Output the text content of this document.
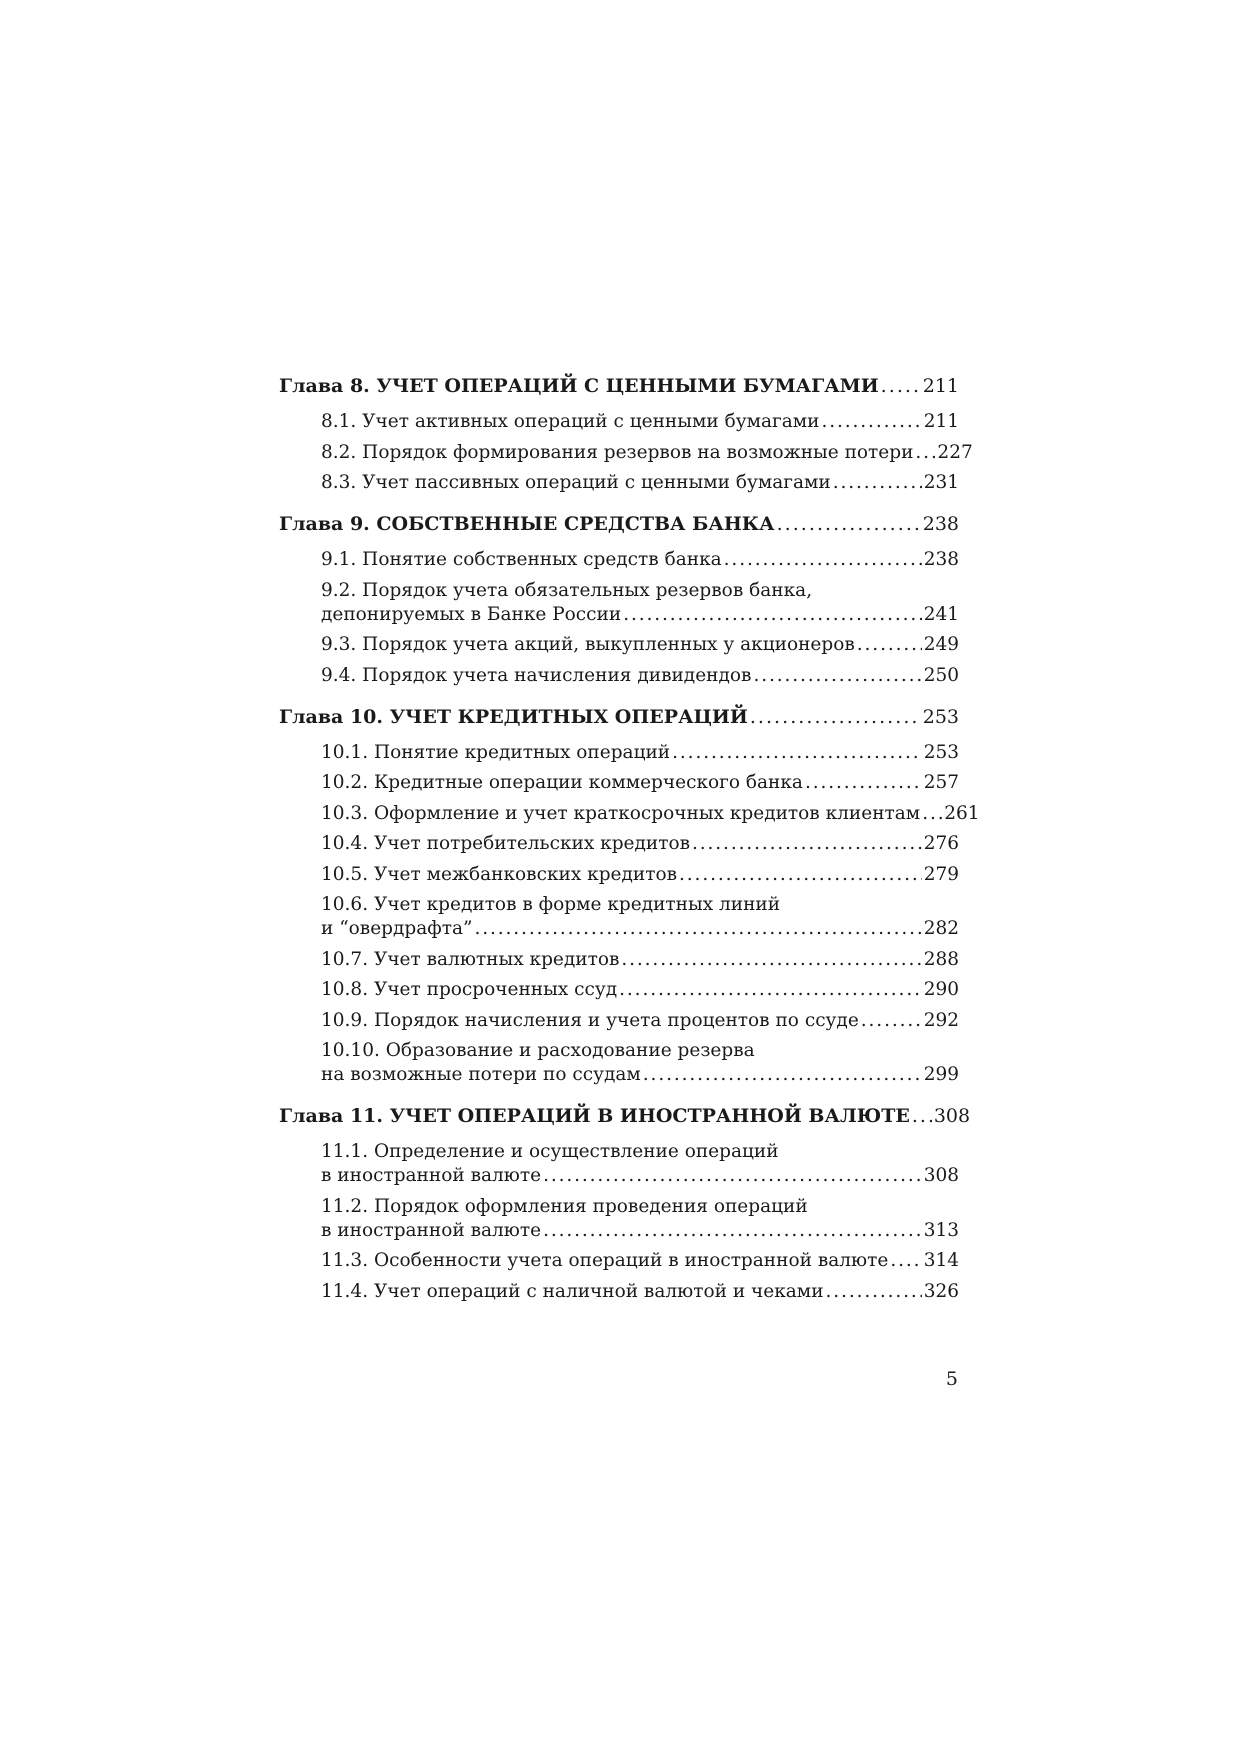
Глава 8. УЧЕТ ОПЕРАЦИЙ С ЦЕННЫМИ БУМАГАМИ . . . 211
8.1. Учет активных операций с ценными бумагами . . .	211
8.2. Порядок формирования резервов на возможные потери . . . 227
8.3. Учет пассивных операций с ценными бумагами . . .	231
Глава 9. СОБСТВЕННЫЕ СРЕДСТВА БАНКА . . .	238
9.1. Понятие собственных средств банка . . .	238
9.2. Порядок учета обязательных резервов банка,
депонируемых в Банке России . . .	241
9.3. Порядок учета акций, выкупленных у акционеров . . .	249
9.4. Порядок учета начисления дивидендов . . .	250
Глава 10. УЧЕТ КРЕДИТНЫХ ОПЕРАЦИЙ . . .	253
10.1. Понятие кредитных операций . . .	253
10.2. Кредитные операции коммерческого банка . . .	257
10.3. Оформление и учет краткосрочных кредитов клиентам . . . 261
10.4. Учет потребительских кредитов . . .	276
10.5. Учет межбанковских кредитов . . .	279
10.6. Учет кредитов в форме кредитных линий
и “овердрафта” . . .	282
10.7. Учет валютных кредитов . . .	288
10.8. Учет просроченных ссуд . . .	290
10.9. Порядок начисления и учета процентов по ссуде . . .	292
10.10. Образование и расходование резерва
на возможные потери по ссудам . . .	299
Глава 11. УЧЕТ ОПЕРАЦИЙ В ИНОСТРАННОЙ ВАЛЮТЕ . . . 308
11.1. Определение и осуществление операций
в иностранной валюте . . .	308
11.2. Порядок оформления проведения операций
в иностранной валюте . . .	313
11.3. Особенности учета операций в иностранной валюте . . . 314
11.4. Учет операций с наличной валютой и чеками . . .	326
5
